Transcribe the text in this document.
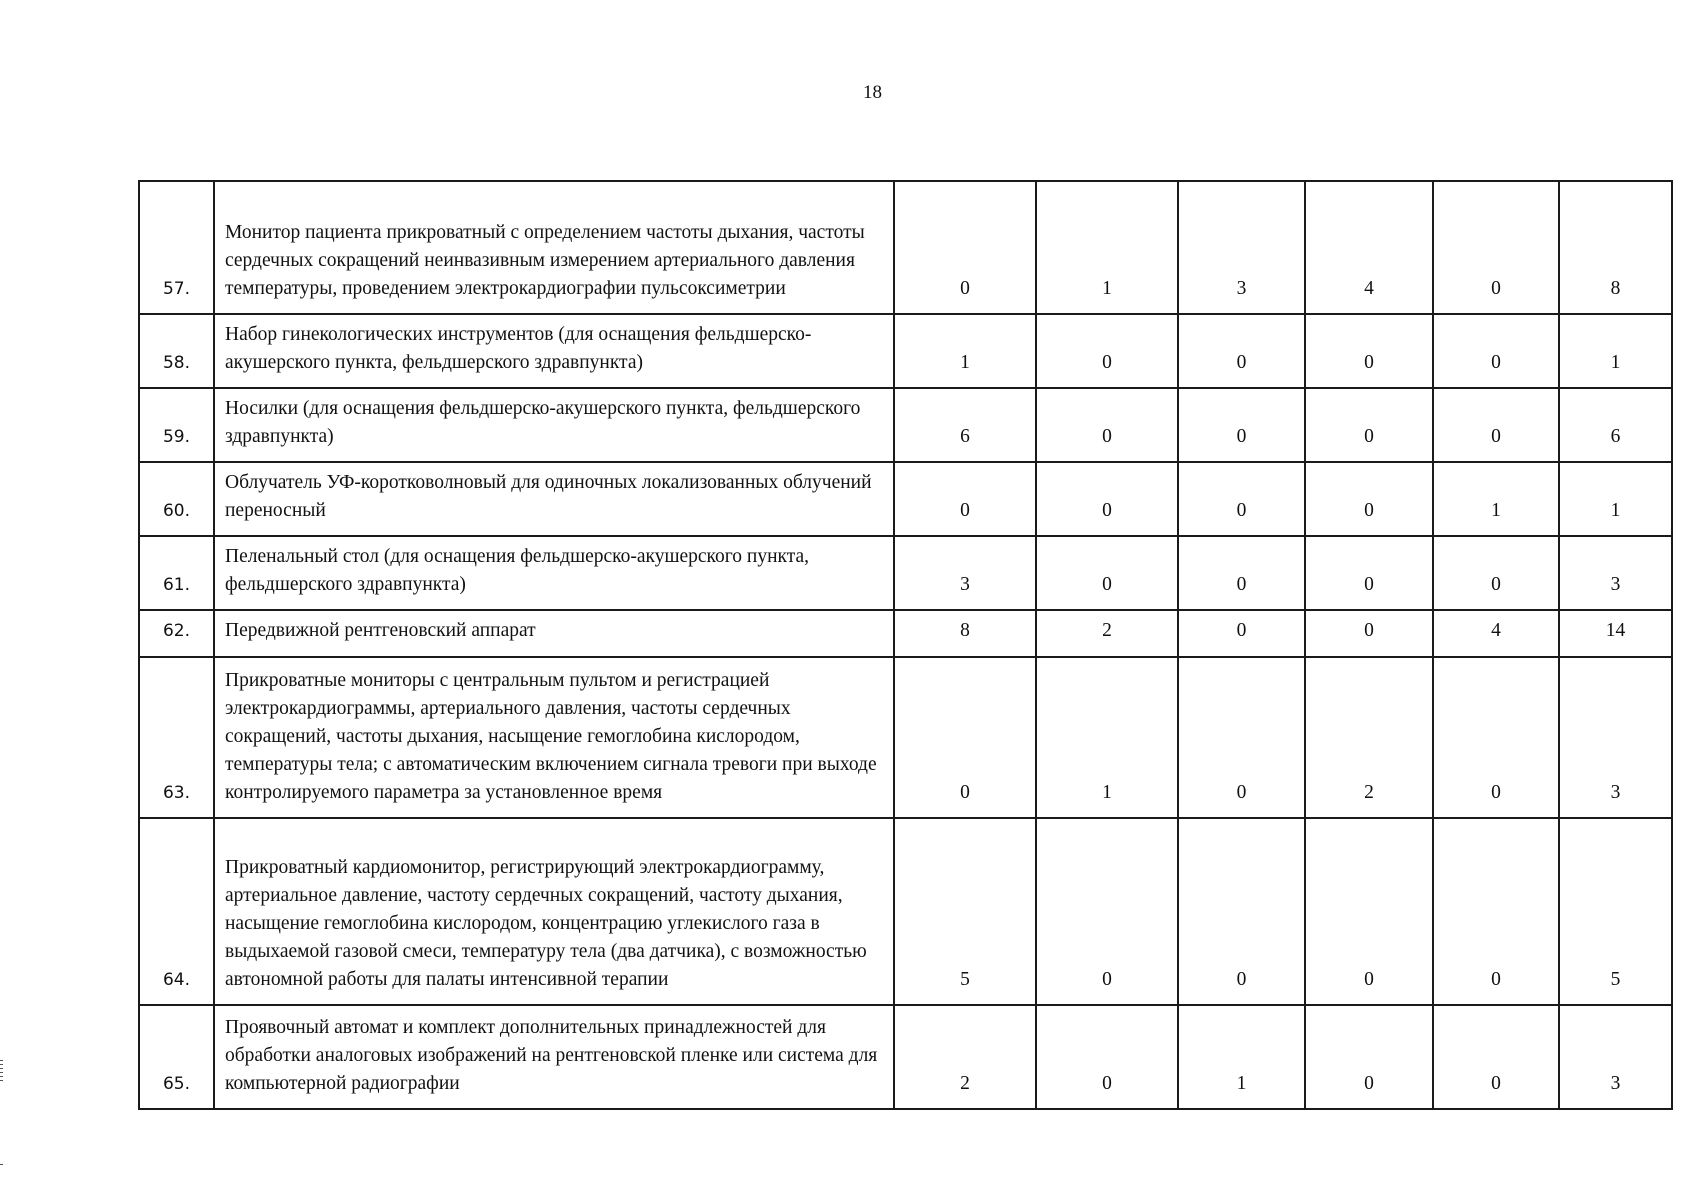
18
57.	Монитор пациента прикроватный с определением частоты дыхания, частоты сердечных сокращений неинвазивным измерением артериального давления температуры, проведением электрокардиографии пульсоксиметрии	0	1	3	4	0	8
58.	Набор гинекологических инструментов (для оснащения фельдшерско-акушерского пункта, фельдшерского здравпункта)	1	0	0	0	0	1
59.	Носилки (для оснащения фельдшерско-акушерского пункта, фельдшерского здравпункта)	6	0	0	0	0	6
60.	Облучатель УФ-коротковолновый для одиночных локализованных облучений переносный	0	0	0	0	1	1
61.	Пеленальный стол (для оснащения фельдшерско-акушерского пункта, фельдшерского здравпункта)	3	0	0	0	0	3
62.	Передвижной рентгеновский аппарат	8	2	0	0	4	14
63.	Прикроватные мониторы с центральным пультом и регистрацией электрокардиограммы, артериального давления, частоты сердечных сокращений, частоты дыхания, насыщение гемоглобина кислородом, температуры тела; с автоматическим включением сигнала тревоги при выходе контролируемого параметра за установленное время	0	1	0	2	0	3
64.	Прикроватный кардиомонитор, регистрирующий электрокардиограмму, артериальное давление, частоту сердечных сокращений, частоту дыхания, насыщение гемоглобина кислородом, концентрацию углекислого газа в выдыхаемой газовой смеси, температуру тела (два датчика), с возможностью автономной работы для палаты интенсивной терапии	5	0	0	0	0	5
65.	Проявочный автомат и комплект дополнительных принадлежностей для обработки аналоговых изображений на рентгеновской пленке или система для компьютерной радиографии	2	0	1	0	0	3
